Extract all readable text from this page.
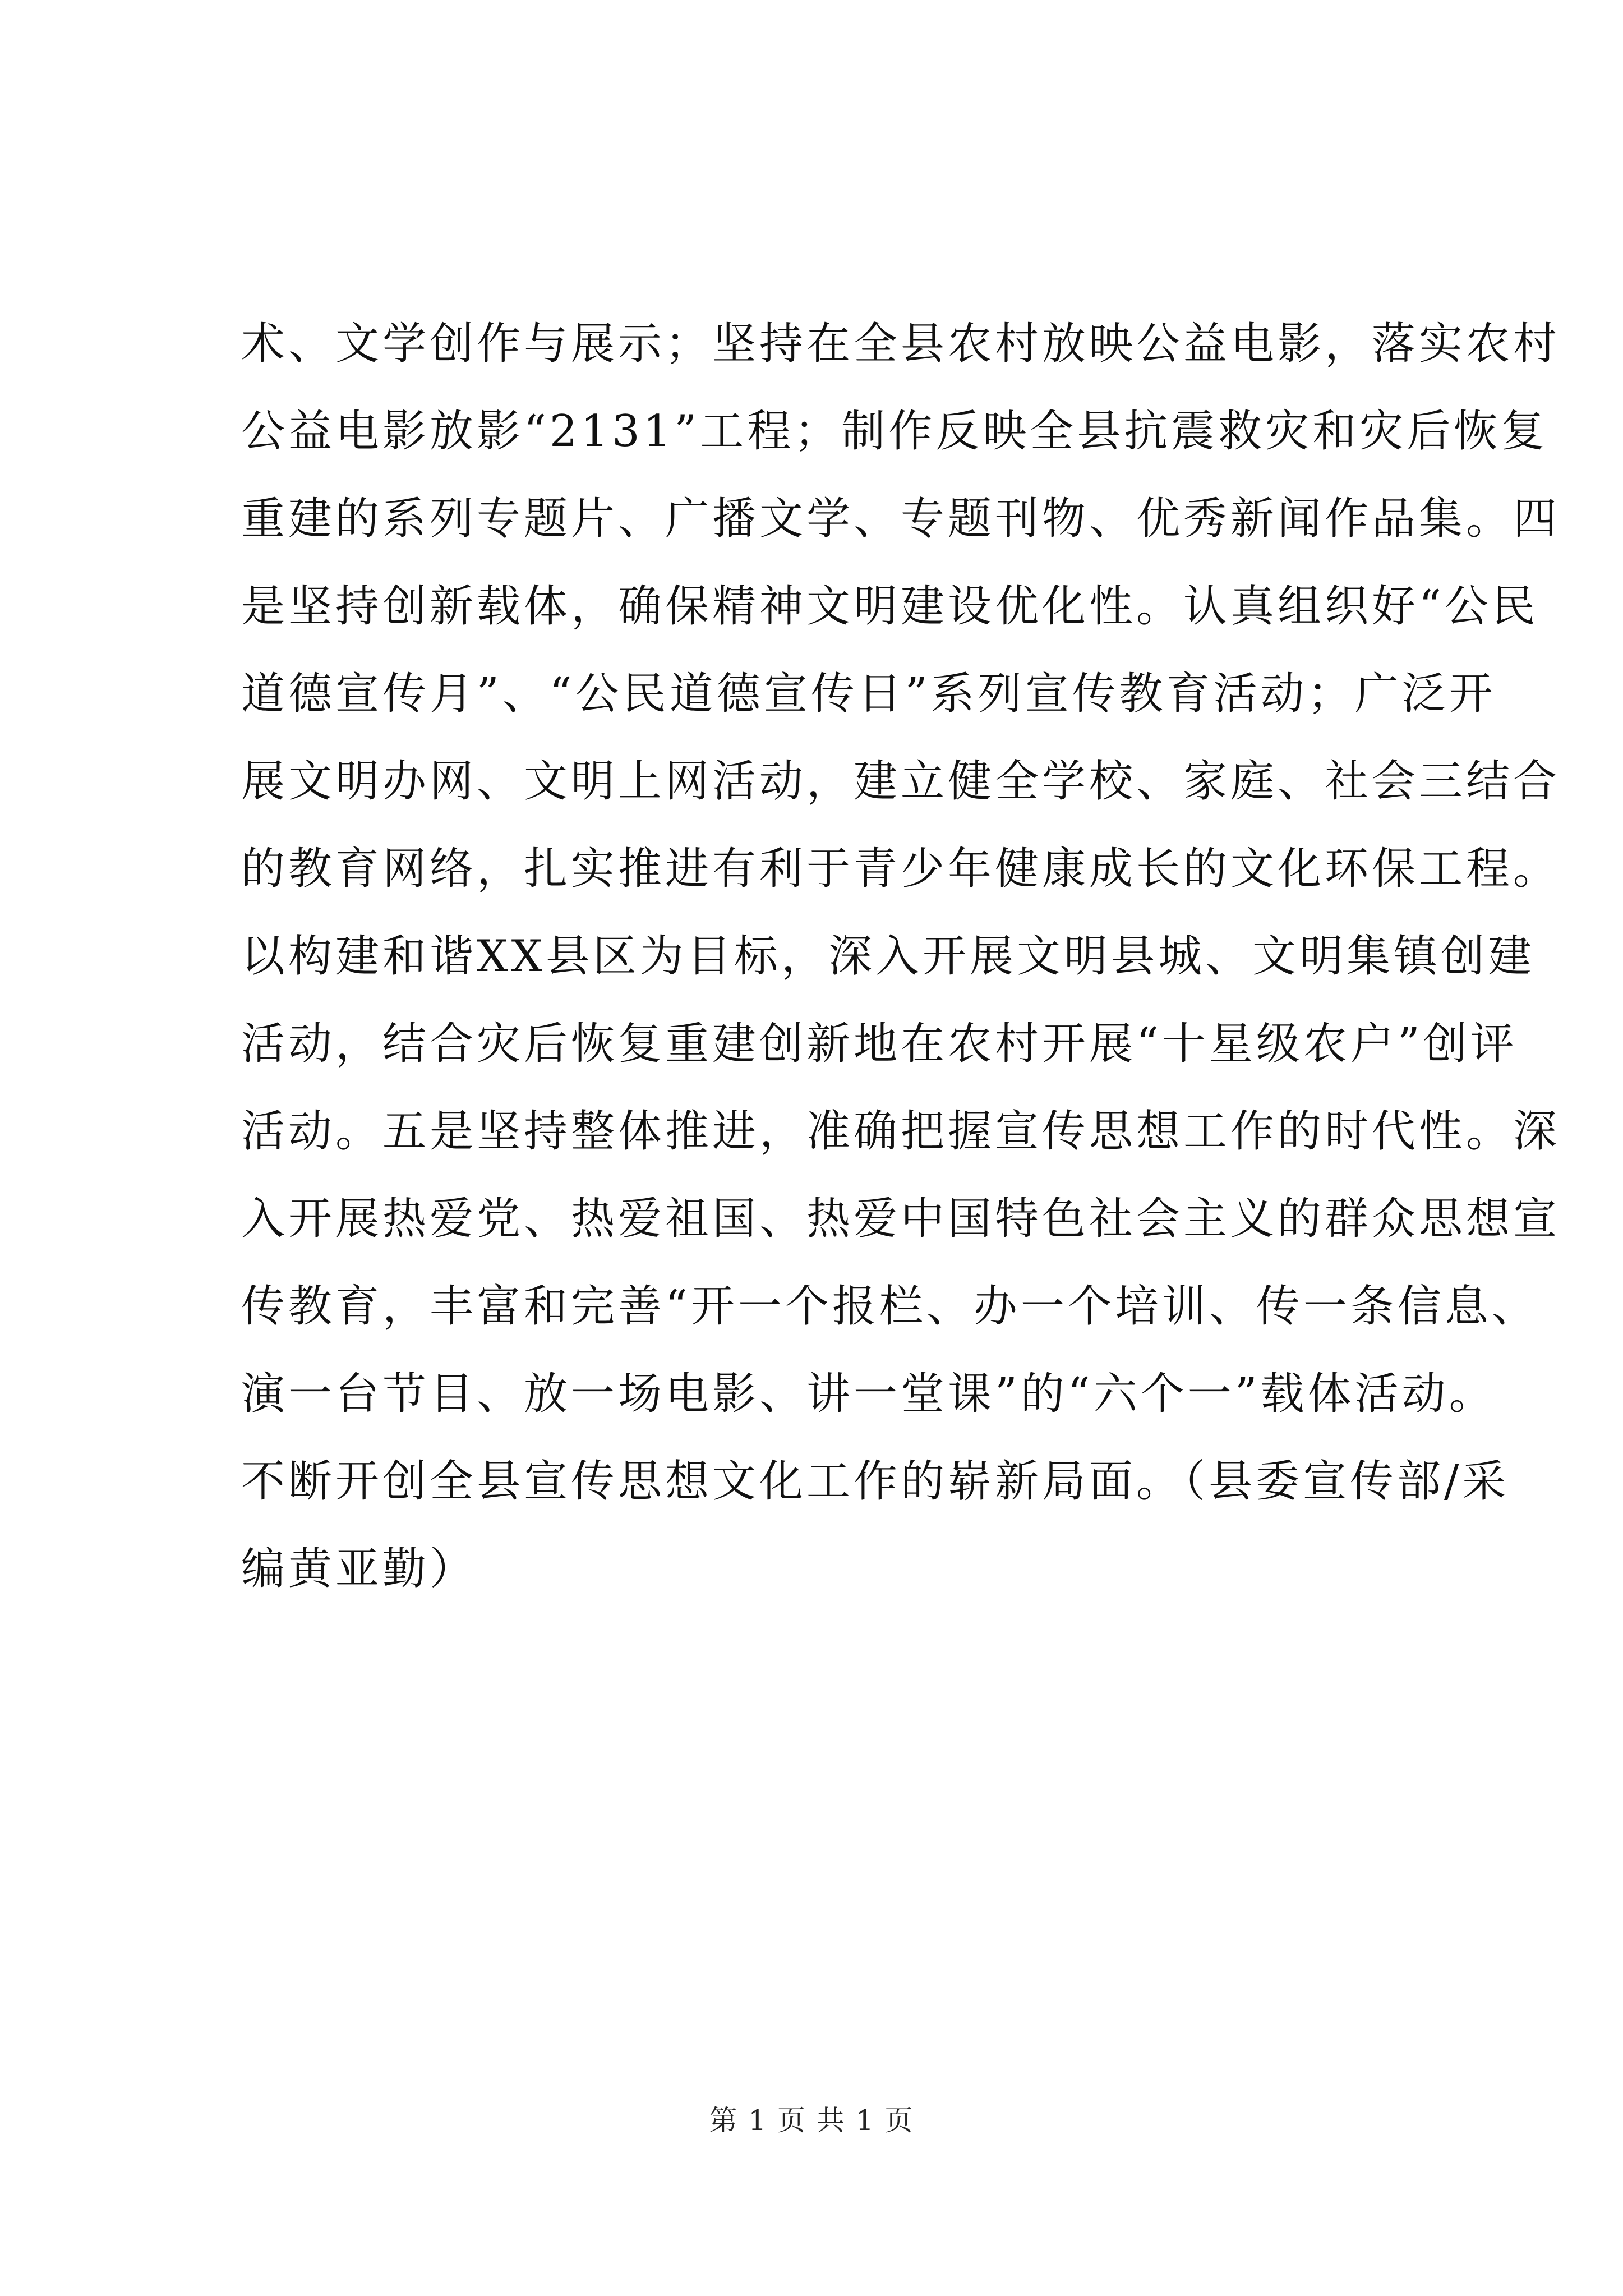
术、文学创作与展示；坚持在全县农村放映公益电影，落实农村
公益电影放影“2131”工程；制作反映全县抗震救灾和灾后恢复
重建的系列专题片、广播文学、专题刊物、优秀新闻作品集。四
是坚持创新载体，确保精神文明建设优化性。认真组织好“公民
道德宣传月”、“公民道德宣传日”系列宣传教育活动；广泛开
展文明办网、文明上网活动，建立健全学校、家庭、社会三结合
的教育网络，扎实推进有利于青少年健康成长的文化环保工程。
以构建和谐XX县区为目标，深入开展文明县城、文明集镇创建
活动，结合灾后恢复重建创新地在农村开展“十星级农户”创评
活动。五是坚持整体推进，准确把握宣传思想工作的时代性。深
入开展热爱党、热爱祖国、热爱中国特色社会主义的群众思想宣
传教育，丰富和完善“开一个报栏、办一个培训、传一条信息、
演一台节目、放一场电影、讲一堂课”的“六个一”载体活动。
不断开创全县宣传思想文化工作的崭新局面。（县委宣传部/采
编黄亚勤）
第 1 页 共 1 页
